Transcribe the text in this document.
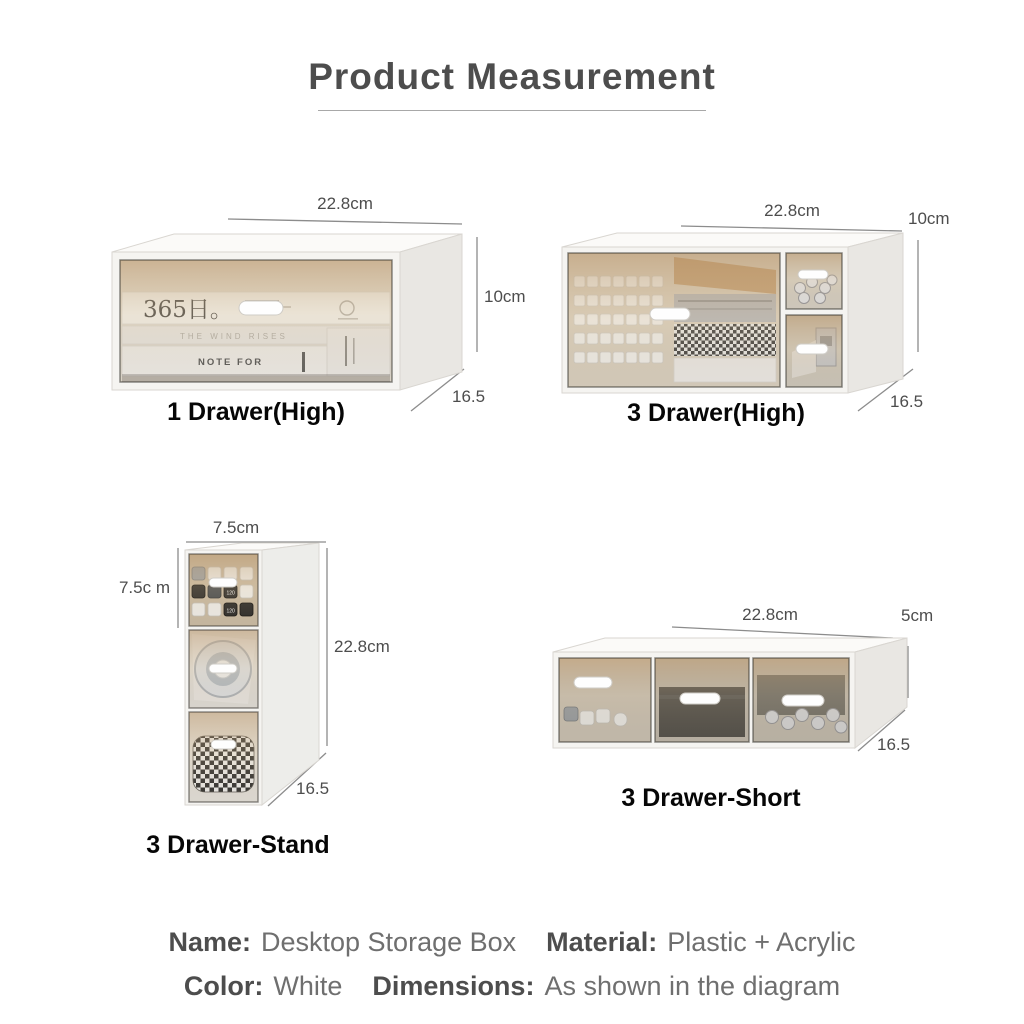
Product Measurement
22.8cm
10cm
16.5
1 Drawer(High)
22.8cm	10cm
16.5
3 Drawer(High)
7.5cm
7.5c m
22.8cm
16.5
3 Drawer-Stand
22.8cm	5cm
16.5
3 Drawer-Short
Name: Desktop Storage Box Material: Plastic + Acrylic
Color: White Dimensions: As shown in the diagram
